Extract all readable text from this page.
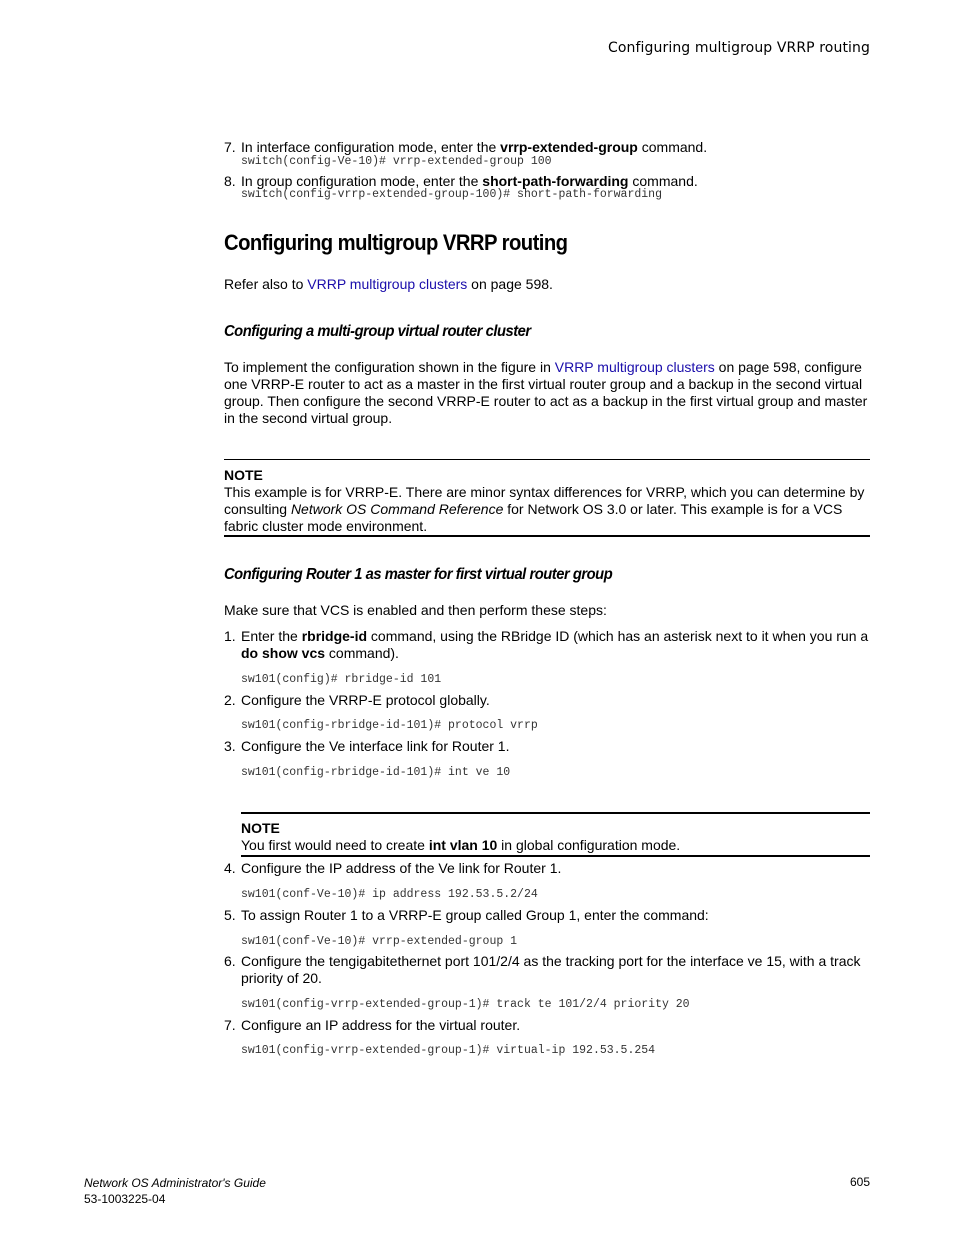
Configuring multigroup VRRP routing
7. In interface configuration mode, enter the vrrp-extended-group command.
switch(config-Ve-10)# vrrp-extended-group 100
8. In group configuration mode, enter the short-path-forwarding command.
switch(config-vrrp-extended-group-100)# short-path-forwarding
Configuring multigroup VRRP routing
Refer also to VRRP multigroup clusters on page 598.
Configuring a multi-group virtual router cluster
To implement the configuration shown in the figure in VRRP multigroup clusters on page 598, configure one VRRP-E router to act as a master in the first virtual router group and a backup in the second virtual group. Then configure the second VRRP-E router to act as a backup in the first virtual group and master in the second virtual group.
NOTE
This example is for VRRP-E. There are minor syntax differences for VRRP, which you can determine by consulting Network OS Command Reference for Network OS 3.0 or later. This example is for a VCS fabric cluster mode environment.
Configuring Router 1 as master for first virtual router group
Make sure that VCS is enabled and then perform these steps:
1. Enter the rbridge-id command, using the RBridge ID (which has an asterisk next to it when you run a do show vcs command).
sw101(config)# rbridge-id 101
2. Configure the VRRP-E protocol globally.
sw101(config-rbridge-id-101)# protocol vrrp
3. Configure the Ve interface link for Router 1.
sw101(config-rbridge-id-101)# int ve 10
NOTE
You first would need to create int vlan 10 in global configuration mode.
4. Configure the IP address of the Ve link for Router 1.
sw101(conf-Ve-10)# ip address 192.53.5.2/24
5. To assign Router 1 to a VRRP-E group called Group 1, enter the command:
sw101(conf-Ve-10)# vrrp-extended-group 1
6. Configure the tengigabitethernet port 101/2/4 as the tracking port for the interface ve 15, with a track priority of 20.
sw101(config-vrrp-extended-group-1)# track te 101/2/4 priority 20
7. Configure an IP address for the virtual router.
sw101(config-vrrp-extended-group-1)# virtual-ip 192.53.5.254
Network OS Administrator's Guide
53-1003225-04
605
